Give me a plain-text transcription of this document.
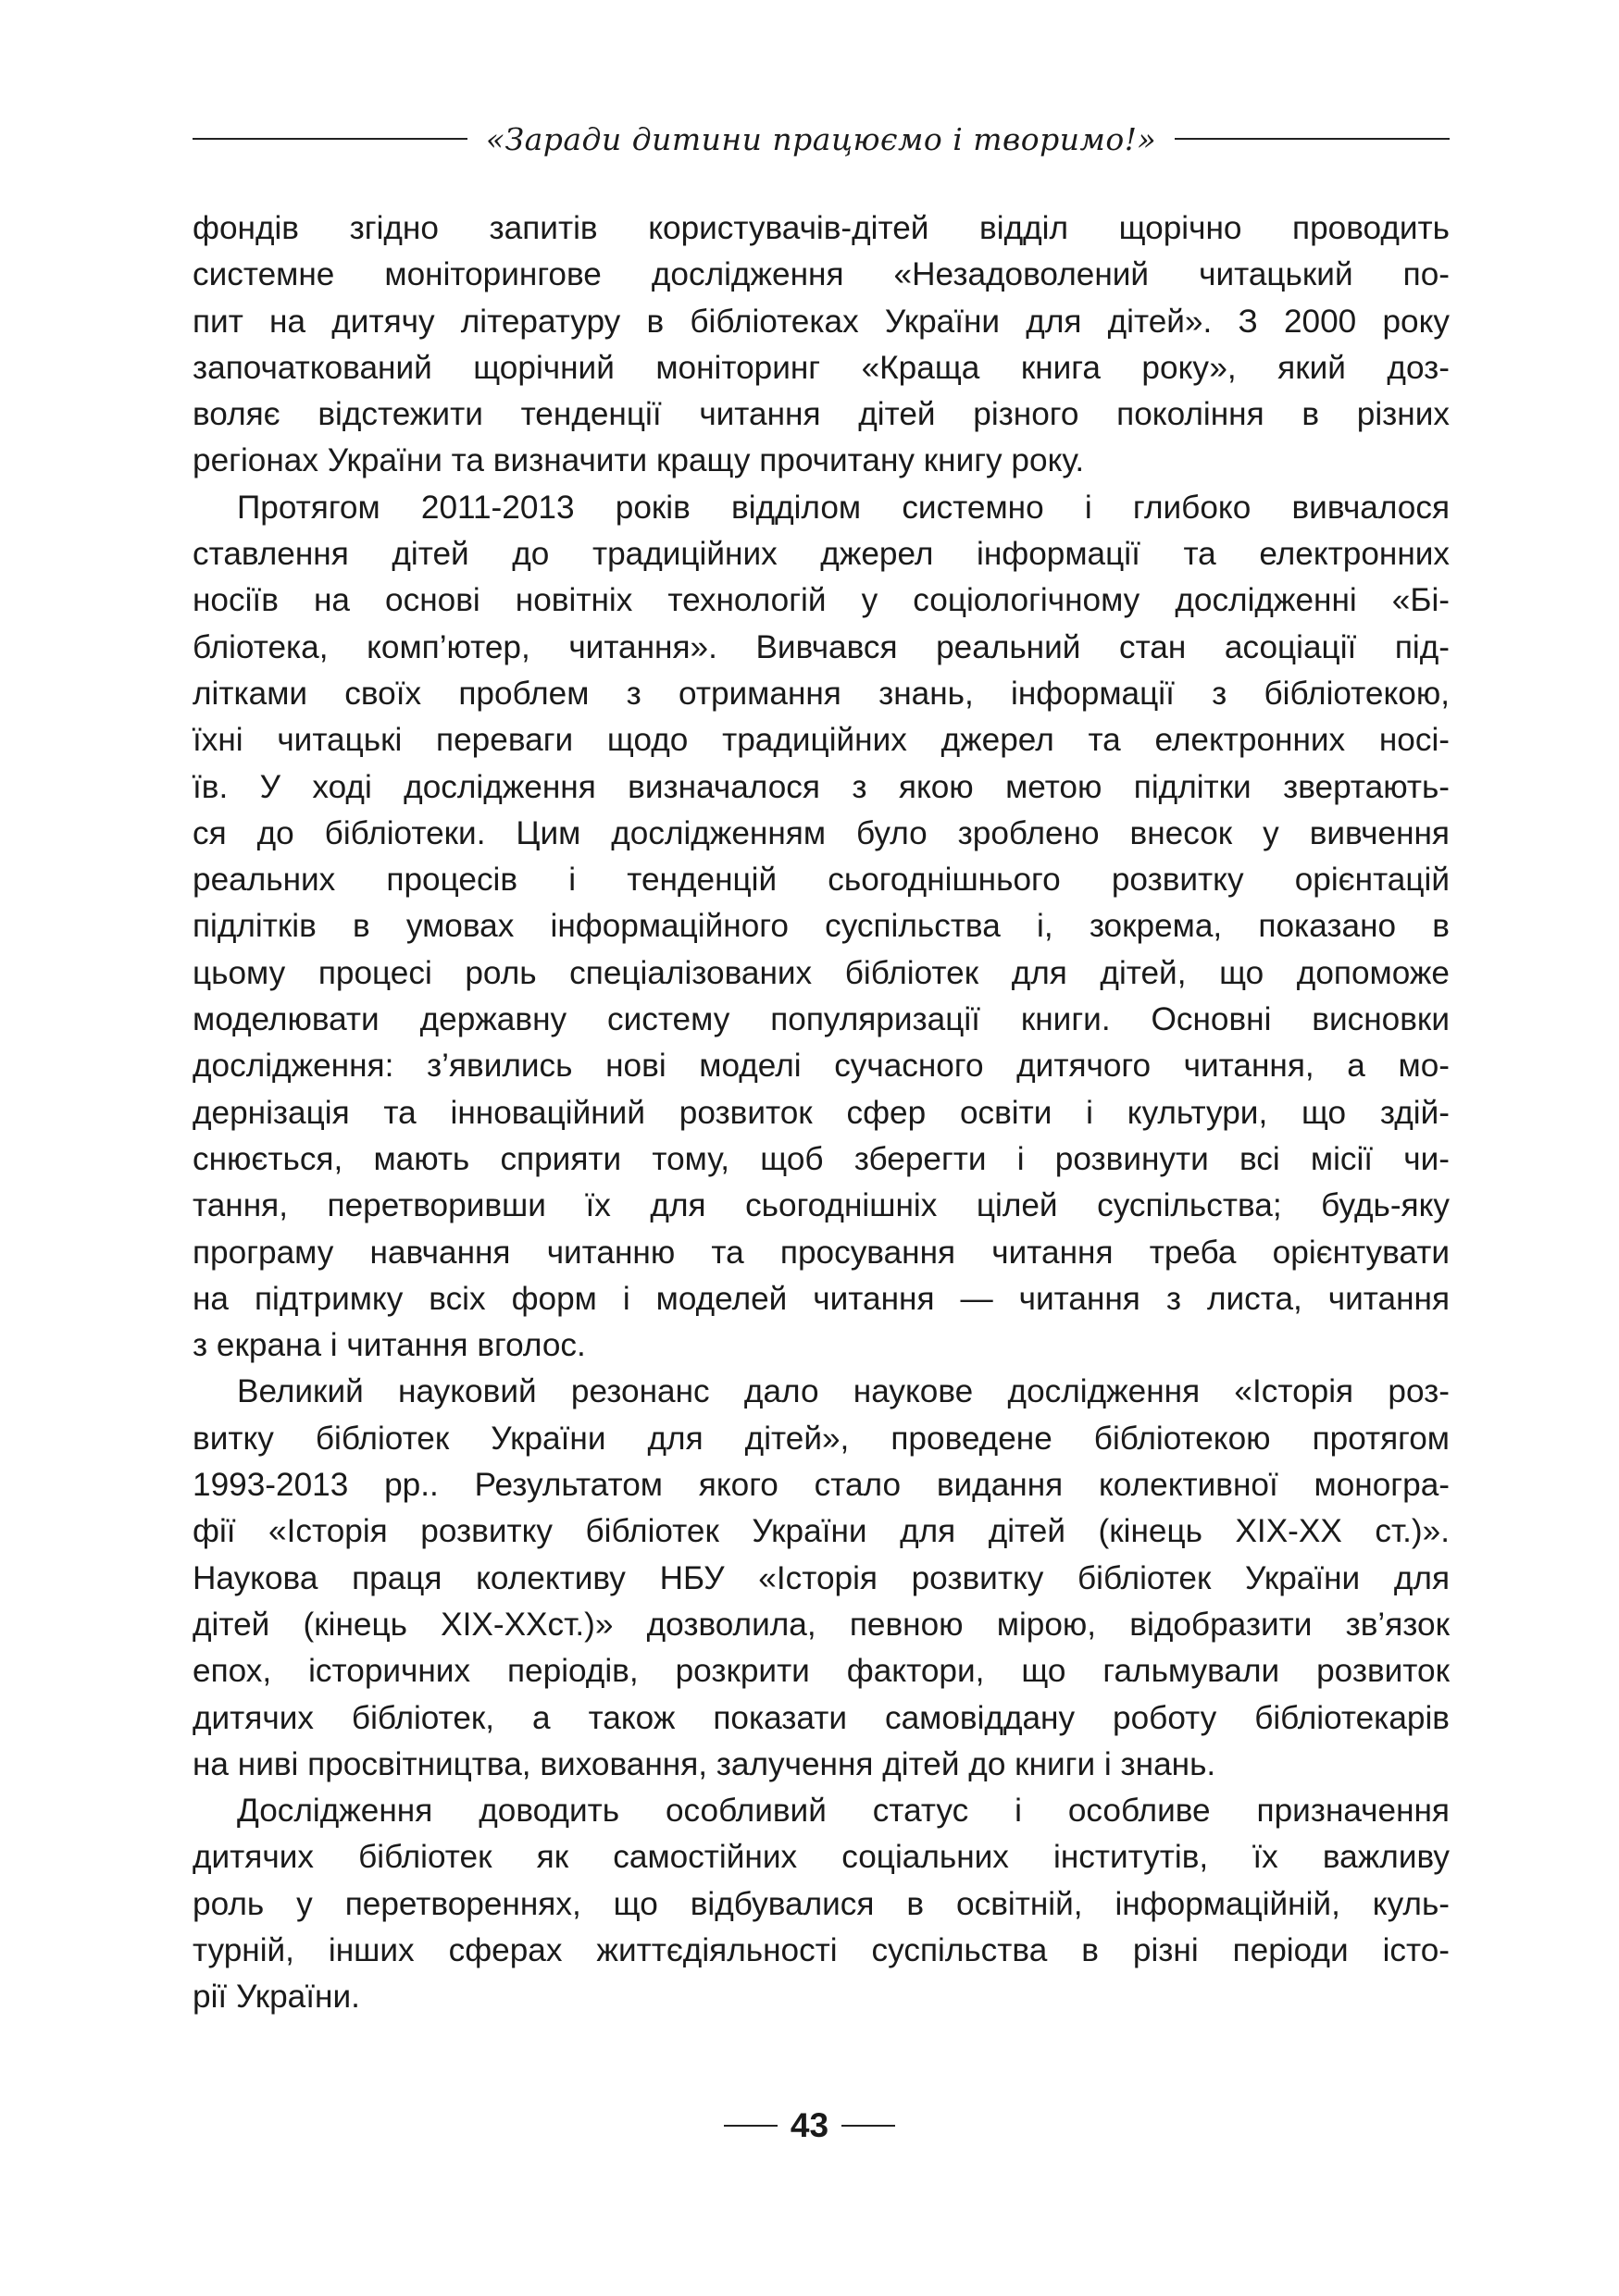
«Заради дитини працюємо і творимо!»

фондів згідно запитів користувачів-дітей відділ щорічно проводить
системне моніторингове дослідження «Незадоволений читацький по-
пит на дитячу літературу в бібліотеках України для дітей». З 2000 року
започаткований щорічний моніторинг «Краща книга року», який доз-
воляє відстежити тенденції читання дітей різного покоління в різних
регіонах України та визначити кращу прочитану книгу року.

Протягом 2011-2013 років відділом системно і глибоко вивчалося
ставлення дітей до традиційних джерел інформації та електронних
носіїв на основі новітніх технологій у соціологічному дослідженні «Бі-
бліотека, комп’ютер, читання». Вивчався реальний стан асоціації під-
літками своїх проблем з отримання знань, інформації з бібліотекою,
їхні читацькі переваги щодо традиційних джерел та електронних носі-
їв. У ході дослідження визначалося з якою метою підлітки звертають-
ся до бібліотеки. Цим дослідженням було зроблено внесок у вивчення
реальних процесів і тенденцій сьогоднішнього розвитку орієнтацій
підлітків в умовах інформаційного суспільства і, зокрема, показано в
цьому процесі роль спеціалізованих бібліотек для дітей, що допоможе
моделювати державну систему популяризації книги. Основні висновки
дослідження: з’явились нові моделі сучасного дитячого читання, а мо-
дернізація та інноваційний розвиток сфер освіти і культури, що здій-
снюється, мають сприяти тому, щоб зберегти і розвинути всі місії чи-
тання, перетворивши їх для сьогоднішніх цілей суспільства; будь-яку
програму навчання читанню та просування читання треба орієнтувати
на підтримку всіх форм і моделей читання — читання з листа, читання
з екрана і читання вголос.

Великий науковий резонанс дало наукове дослідження «Історія роз-
витку бібліотек України для дітей», проведене бібліотекою протягом
1993-2013 рр.. Результатом якого стало видання колективної моногра-
фії «Історія розвитку бібліотек України для дітей (кінець ХІХ-ХХ ст.)».
Наукова праця колективу НБУ «Історія розвитку бібліотек України для
дітей (кінець ХІХ-ХХст.)» дозволила, певною мірою, відобразити зв’язок
епох, історичних періодів, розкрити фактори, що гальмували розвиток
дитячих бібліотек, а також показати самовіддану роботу бібліотекарів
на ниві просвітництва, виховання, залучення дітей до книги і знань.

Дослідження доводить особливий статус і особливе призначення
дитячих бібліотек як самостійних соціальних інститутів, їх важливу
роль у перетвореннях, що відбувалися в освітній, інформаційній, куль-
турній, інших сферах життєдіяльності суспільства в різні періоди істо-
рії України.

43
